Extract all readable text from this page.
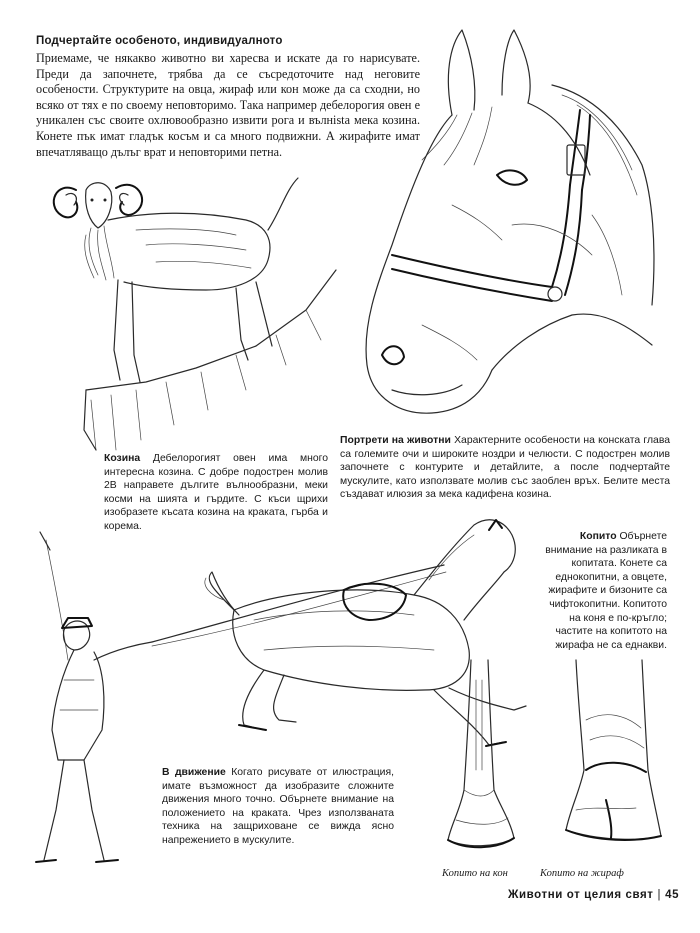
Подчертайте особеното, индивидуалното
Приемаме, че някакво животно ви харесва и искате да го нарисувате. Преди да започнете, трябва да се съсредоточите над неговите особености. Структурите на овца, жираф или кон може да са сходни, но всяко от тях е по своему неповторимо. Така например дебелорогия овен е уникален със своите охлювообразно извити рога и вълнista мека козина. Конете пък имат гладък косъм и са много подвижни. А жирафите имат впечатляващо дълъг врат и неповторими петна.
Козина Дебелорогият овен има много интересна козина. С добре подострен молив 2B направете дългите вълнообразни, меки косми на шията и гърдите. С къси щрихи изобразете късата козина на краката, гърба и корема.
Портрети на животни Характерните особености на конската глава са големите очи и широките ноздри и челюсти. С подострен молив започнете с контурите и детайлите, а после подчертайте мускулите, като използвате молив със заоблен връх. Белите места създават илюзия за мека кадифена козина.
Копито Обърнете внимание на разликата в копитата. Конете са еднокопитни, а овцете, жирафите и бизоните са чифтокопитни. Копитото на коня е по-кръгло; частите на копитото на жирафа не са еднакви.
В движение Когато рисувате от илюстрация, имате възможност да изобразите сложните движения много точно. Обърнете внимание на положението на краката. Чрез използваната техника на защриховане се вижда ясно напрежението в мускулите.
Копито на кон	Копито на жираф
Животни от целия свят | 45
